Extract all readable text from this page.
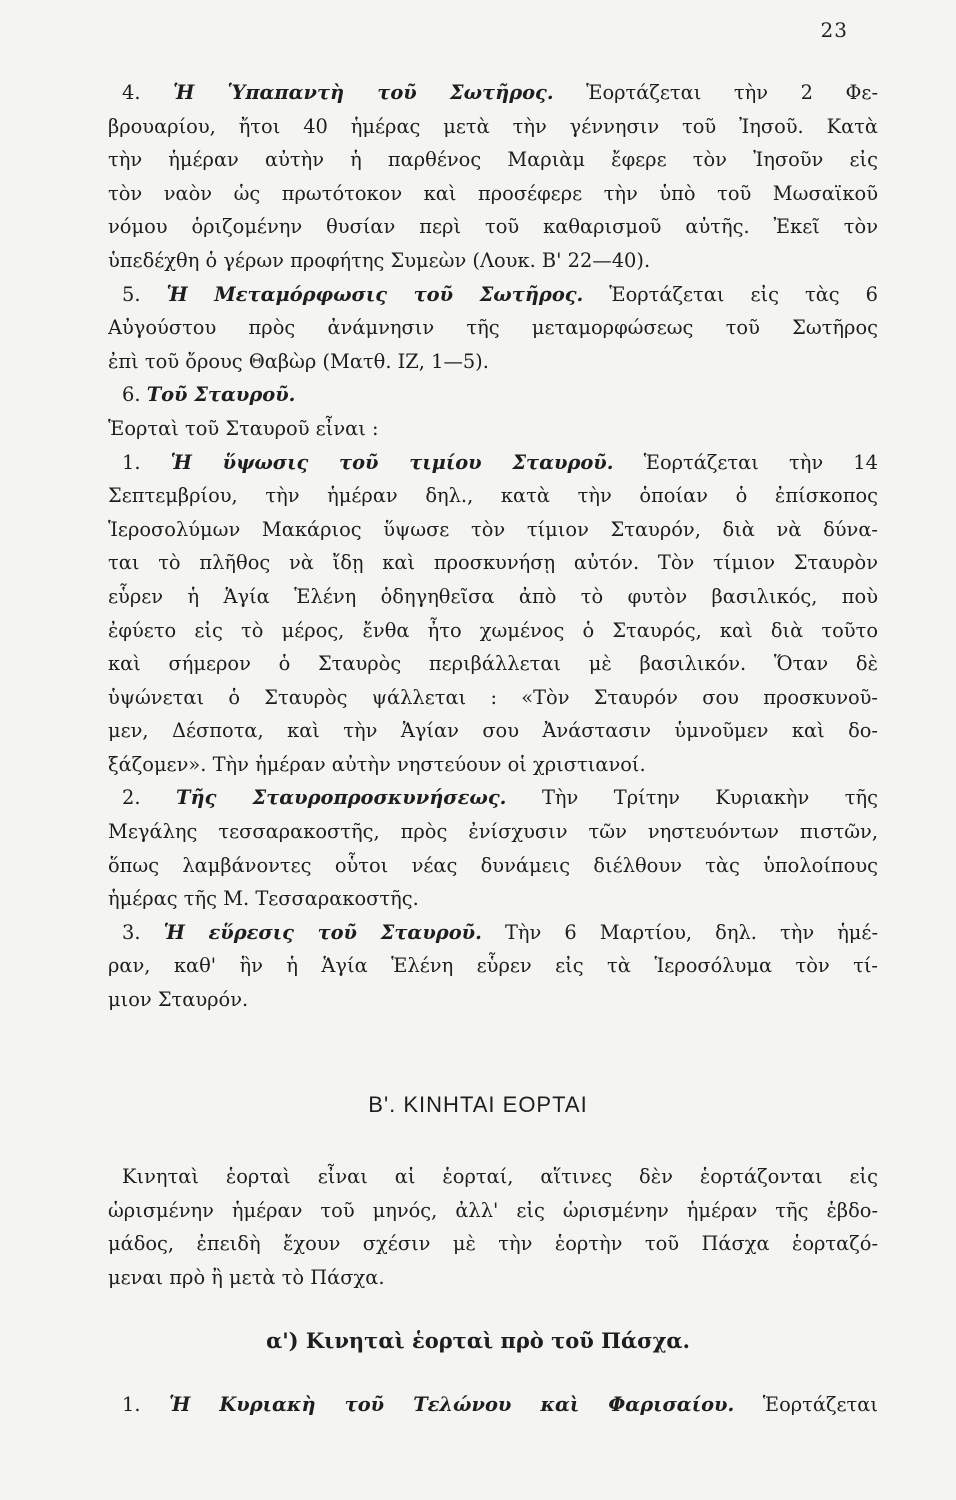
23
4. Ἡ Ὑπαπαντὴ τοῦ Σωτῆρος. Ἑορτάζεται τὴν 2 Φε-
βρουαρίου, ἤτοι 40 ἡμέρας μετὰ τὴν γέννησιν τοῦ Ἰησοῦ. Κατὰ
τὴν ἡμέραν αὐτὴν ἡ παρθένος Μαριὰμ ἔφερε τὸν Ἰησοῦν εἰς
τὸν ναὸν ὡς πρωτότοκον καὶ προσέφερε τὴν ὑπὸ τοῦ Μωσαϊκοῦ
νόμου ὁριζομένην θυσίαν περὶ τοῦ καθαρισμοῦ αὐτῆς. Ἐκεῖ τὸν
ὑπεδέχθη ὁ γέρων προφήτης Συμεὼν (Λουκ. Β' 22—40).
5. Ἡ Μεταμόρφωσις τοῦ Σωτῆρος. Ἑορτάζεται εἰς τὰς 6
Αὐγούστου πρὸς ἀνάμνησιν τῆς μεταμορφώσεως τοῦ Σωτῆρος
ἐπὶ τοῦ ὄρους Θαβὼρ (Ματθ. ΙΖ, 1—5).
6. Τοῦ Σταυροῦ.
Ἑορταὶ τοῦ Σταυροῦ εἶναι :
1. Ἡ ὕψωσις τοῦ τιμίου Σταυροῦ. Ἑορτάζεται τὴν 14
Σεπτεμβρίου, τὴν ἡμέραν δηλ., κατὰ τὴν ὁποίαν ὁ ἐπίσκοπος
Ἱεροσολύμων Μακάριος ὕψωσε τὸν τίμιον Σταυρόν, διὰ νὰ δύνα-
ται τὸ πλῆθος νὰ ἴδῃ καὶ προσκυνήσῃ αὐτόν. Τὸν τίμιον Σταυρὸν
εὗρεν ἡ Ἁγία Ἑλένη ὁδηγηθεῖσα ἀπὸ τὸ φυτὸν βασιλικός, ποὺ
ἐφύετο εἰς τὸ μέρος, ἔνθα ἦτο χωμένος ὁ Σταυρός, καὶ διὰ τοῦτο
καὶ σήμερον ὁ Σταυρὸς περιβάλλεται μὲ βασιλικόν. Ὅταν δὲ
ὑψώνεται ὁ Σταυρὸς ψάλλεται : «Τὸν Σταυρόν σου προσκυνοῦ-
μεν, Δέσποτα, καὶ τὴν Ἁγίαν σου Ἀνάστασιν ὑμνοῦμεν καὶ δο-
ξάζομεν». Τὴν ἡμέραν αὐτὴν νηστεύουν οἱ χριστιανοί.
2. Τῆς Σταυροπροσκυνήσεως. Τὴν Τρίτην Κυριακὴν τῆς
Μεγάλης τεσσαρακοστῆς, πρὸς ἐνίσχυσιν τῶν νηστευόντων πιστῶν,
ὅπως λαμβάνοντες οὗτοι νέας δυνάμεις διέλθουν τὰς ὑπολοίπους
ἡμέρας τῆς Μ. Τεσσαρακοστῆς.
3. Ἡ εὕρεσις τοῦ Σταυροῦ. Τὴν 6 Μαρτίου, δηλ. τὴν ἡμέ-
ραν, καθ' ἣν ἡ Ἁγία Ἑλένη εὗρεν εἰς τὰ Ἱεροσόλυμα τὸν τί-
μιον Σταυρόν.
Β'. ΚΙΝΗΤΑΙ ΕΟΡΤΑΙ
Κινηταὶ ἑορταὶ εἶναι αἱ ἑορταί, αἵτινες δὲν ἑορτάζονται εἰς
ὡρισμένην ἡμέραν τοῦ μηνός, ἀλλ' εἰς ὡρισμένην ἡμέραν τῆς ἑβδο-
μάδος, ἐπειδὴ ἔχουν σχέσιν μὲ τὴν ἑορτὴν τοῦ Πάσχα ἑορταζό-
μεναι πρὸ ἢ μετὰ τὸ Πάσχα.
α') Κινηταὶ ἑορταὶ πρὸ τοῦ Πάσχα.
1. Ἡ Κυριακὴ τοῦ Τελώνου καὶ Φαρισαίου. Ἑορτάζεται
